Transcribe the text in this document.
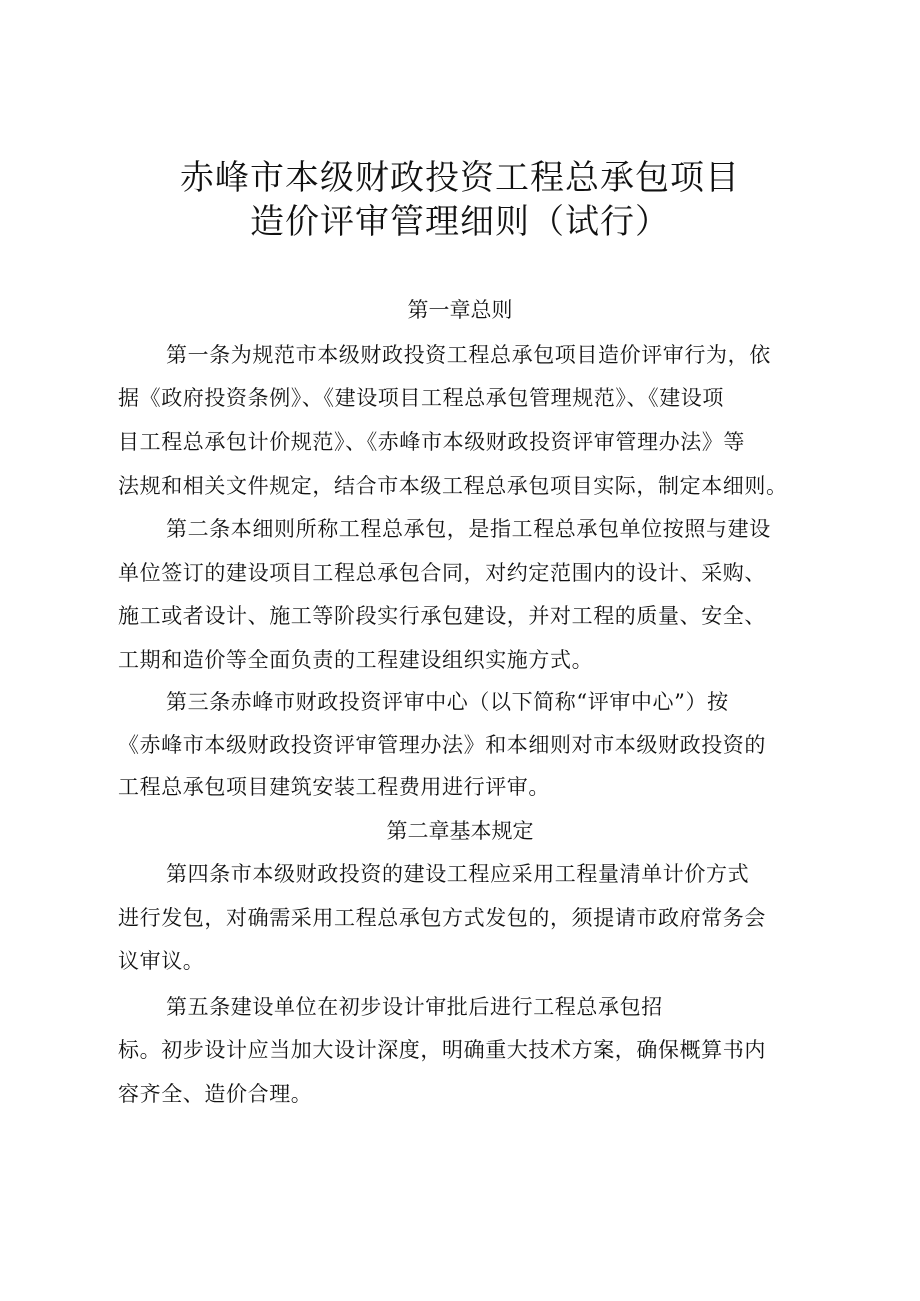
赤峰市本级财政投资工程总承包项目
造价评审管理细则（试行）
第一章总则
第一条为规范市本级财政投资工程总承包项目造价评审行为，依
据《政府投资条例》、《建设项目工程总承包管理规范》、《建设项
目工程总承包计价规范》、《赤峰市本级财政投资评审管理办法》等
法规和相关文件规定，结合市本级工程总承包项目实际，制定本细则。
第二条本细则所称工程总承包，是指工程总承包单位按照与建设
单位签订的建设项目工程总承包合同，对约定范围内的设计、采购、
施工或者设计、施工等阶段实行承包建设，并对工程的质量、安全、
工期和造价等全面负责的工程建设组织实施方式。
第三条赤峰市财政投资评审中心（以下简称“评审中心”）按
《赤峰市本级财政投资评审管理办法》和本细则对市本级财政投资的
工程总承包项目建筑安装工程费用进行评审。
第二章基本规定
第四条市本级财政投资的建设工程应采用工程量清单计价方式
进行发包，对确需采用工程总承包方式发包的，须提请市政府常务会
议审议。
第五条建设单位在初步设计审批后进行工程总承包招
标。初步设计应当加大设计深度，明确重大技术方案，确保概算书内
容齐全、造价合理。
